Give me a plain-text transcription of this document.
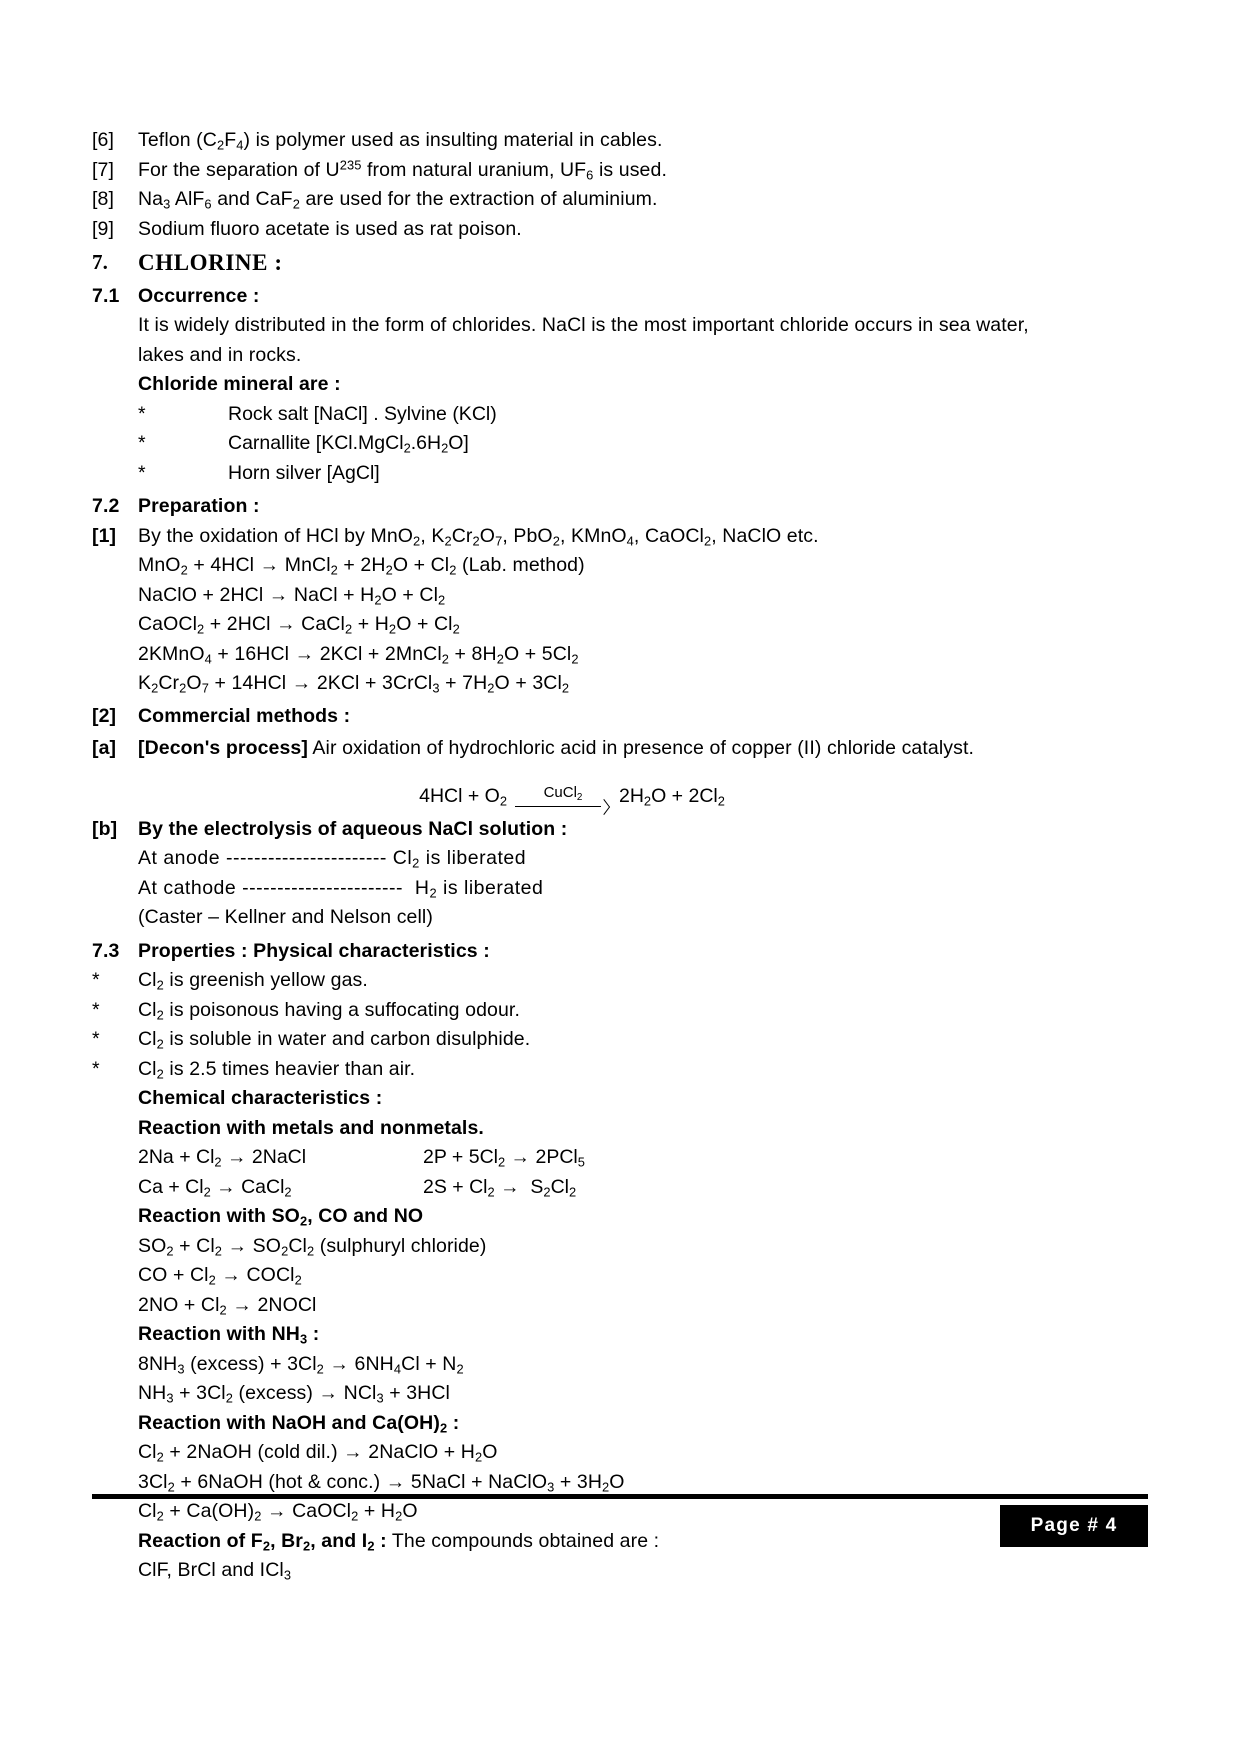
[6]	Teflon $(C_2F_4)$ is polymer used as insulting material in cables.
[7]	For the separation of $U^{235}$ from natural uranium, $UF_6$ is used.
[8]	$Na_3$ AlF$_6$ and CaF$_2$ are used for the extraction of aluminium.
[9]	Sodium fluoro acetate is used as rat poison.
7.	CHLORINE :
7.1 Occurrence :
It is widely distributed in the form of chlorides. NaCl is the most important chloride occurs in sea water, lakes and in rocks.
Chloride mineral are :
*	Rock salt [NaCl] . Sylvine (KCl)
*	Carnallite $[KCl.MgCl_2.6H_2O]$
*	Horn silver [AgCl]
7.2 Preparation :
[1]	By the oxidation of HCl by MnO$_2$, $K_2Cr_2O_7$, PbO$_2$, KMnO$_4$, CaOCl$_2$, NaClO etc.
MnO$_2$ + 4HCl → MnCl$_2$ + $2H_2O + Cl_2$ (Lab. method)
NaClO + 2HCl → NaCl + $H_2O + Cl_2$
CaOCl$_2$ + 2HCl → CaCl$_2$ + $H_2O + Cl_2$
2KMnO$_4$ + 16HCl → 2KCl + 2MnCl$_2$ + $8H_2O + 5Cl_2$
$K_2Cr_2O_7 + 14HCl \to 2KCl$ + 3CrCl$_3$ + $7H_2O + 3Cl_2$
[2]	Commercial methods :
[a]	[Decon's process] Air oxidation of hydrochloric acid in presence of copper (II) chloride catalyst.
$4HCl + O_2$
CuCl$_2$ $2H_2O + 2Cl_2$
[b]	By the electrolysis of aqueous NaCl solution :
At anode ----------------------- $Cl_2$ is liberated
At cathode -----------------------  $H_2$ is liberated
(Caster – Kellner and Nelson cell)
7.3 Properties : Physical characteristics :
*	$Cl_2$ is greenish yellow gas.
*	$Cl_2$ is poisonous having a suffocating odour.
*	$Cl_2$ is soluble in water and carbon disulphide.
*	$Cl_2$ is 2.5 times heavier than air.
Chemical characteristics :
Reaction with metals and nonmetals.
$2Na + Cl_2$ → 2NaCl	$2P + 5Cl_2 \to 2PCl_5$
$Ca + Cl_2$ → CaCl$_2$	$2S + Cl_2 \to S_2Cl_2$
Reaction with $SO_2$, CO and NO
$SO_2 + Cl_2 \to SO_2Cl_2$ (sulphuryl chloride)
CO + $Cl_2$ → COCl$_2$
$2NO + Cl_2$ → 2NOCl
Reaction with $NH_3$ :
$8NH_3$ (excess) + $3Cl_2 \to 6NH_4Cl + N_2$
$NH_3 + 3Cl_2$ (excess) → NCl$_3$ + 3HCl
Reaction with NaOH and $Ca(OH)_2$ :
$Cl_2$ + 2NaOH (cold dil.) → 2NaClO + $H_2O$
$3Cl_2$ + 6NaOH (hot & conc.) → 5NaCl + NaClO$_3$ + $3H_2O$
$Cl_2 + Ca(OH)_2$ → CaOCl$_2$ + $H_2O$
Reaction of $F_2$, $Br_2$, and $I_2$ : The compounds obtained are :
ClF, BrCl and ICl$_3$
Page # 4
